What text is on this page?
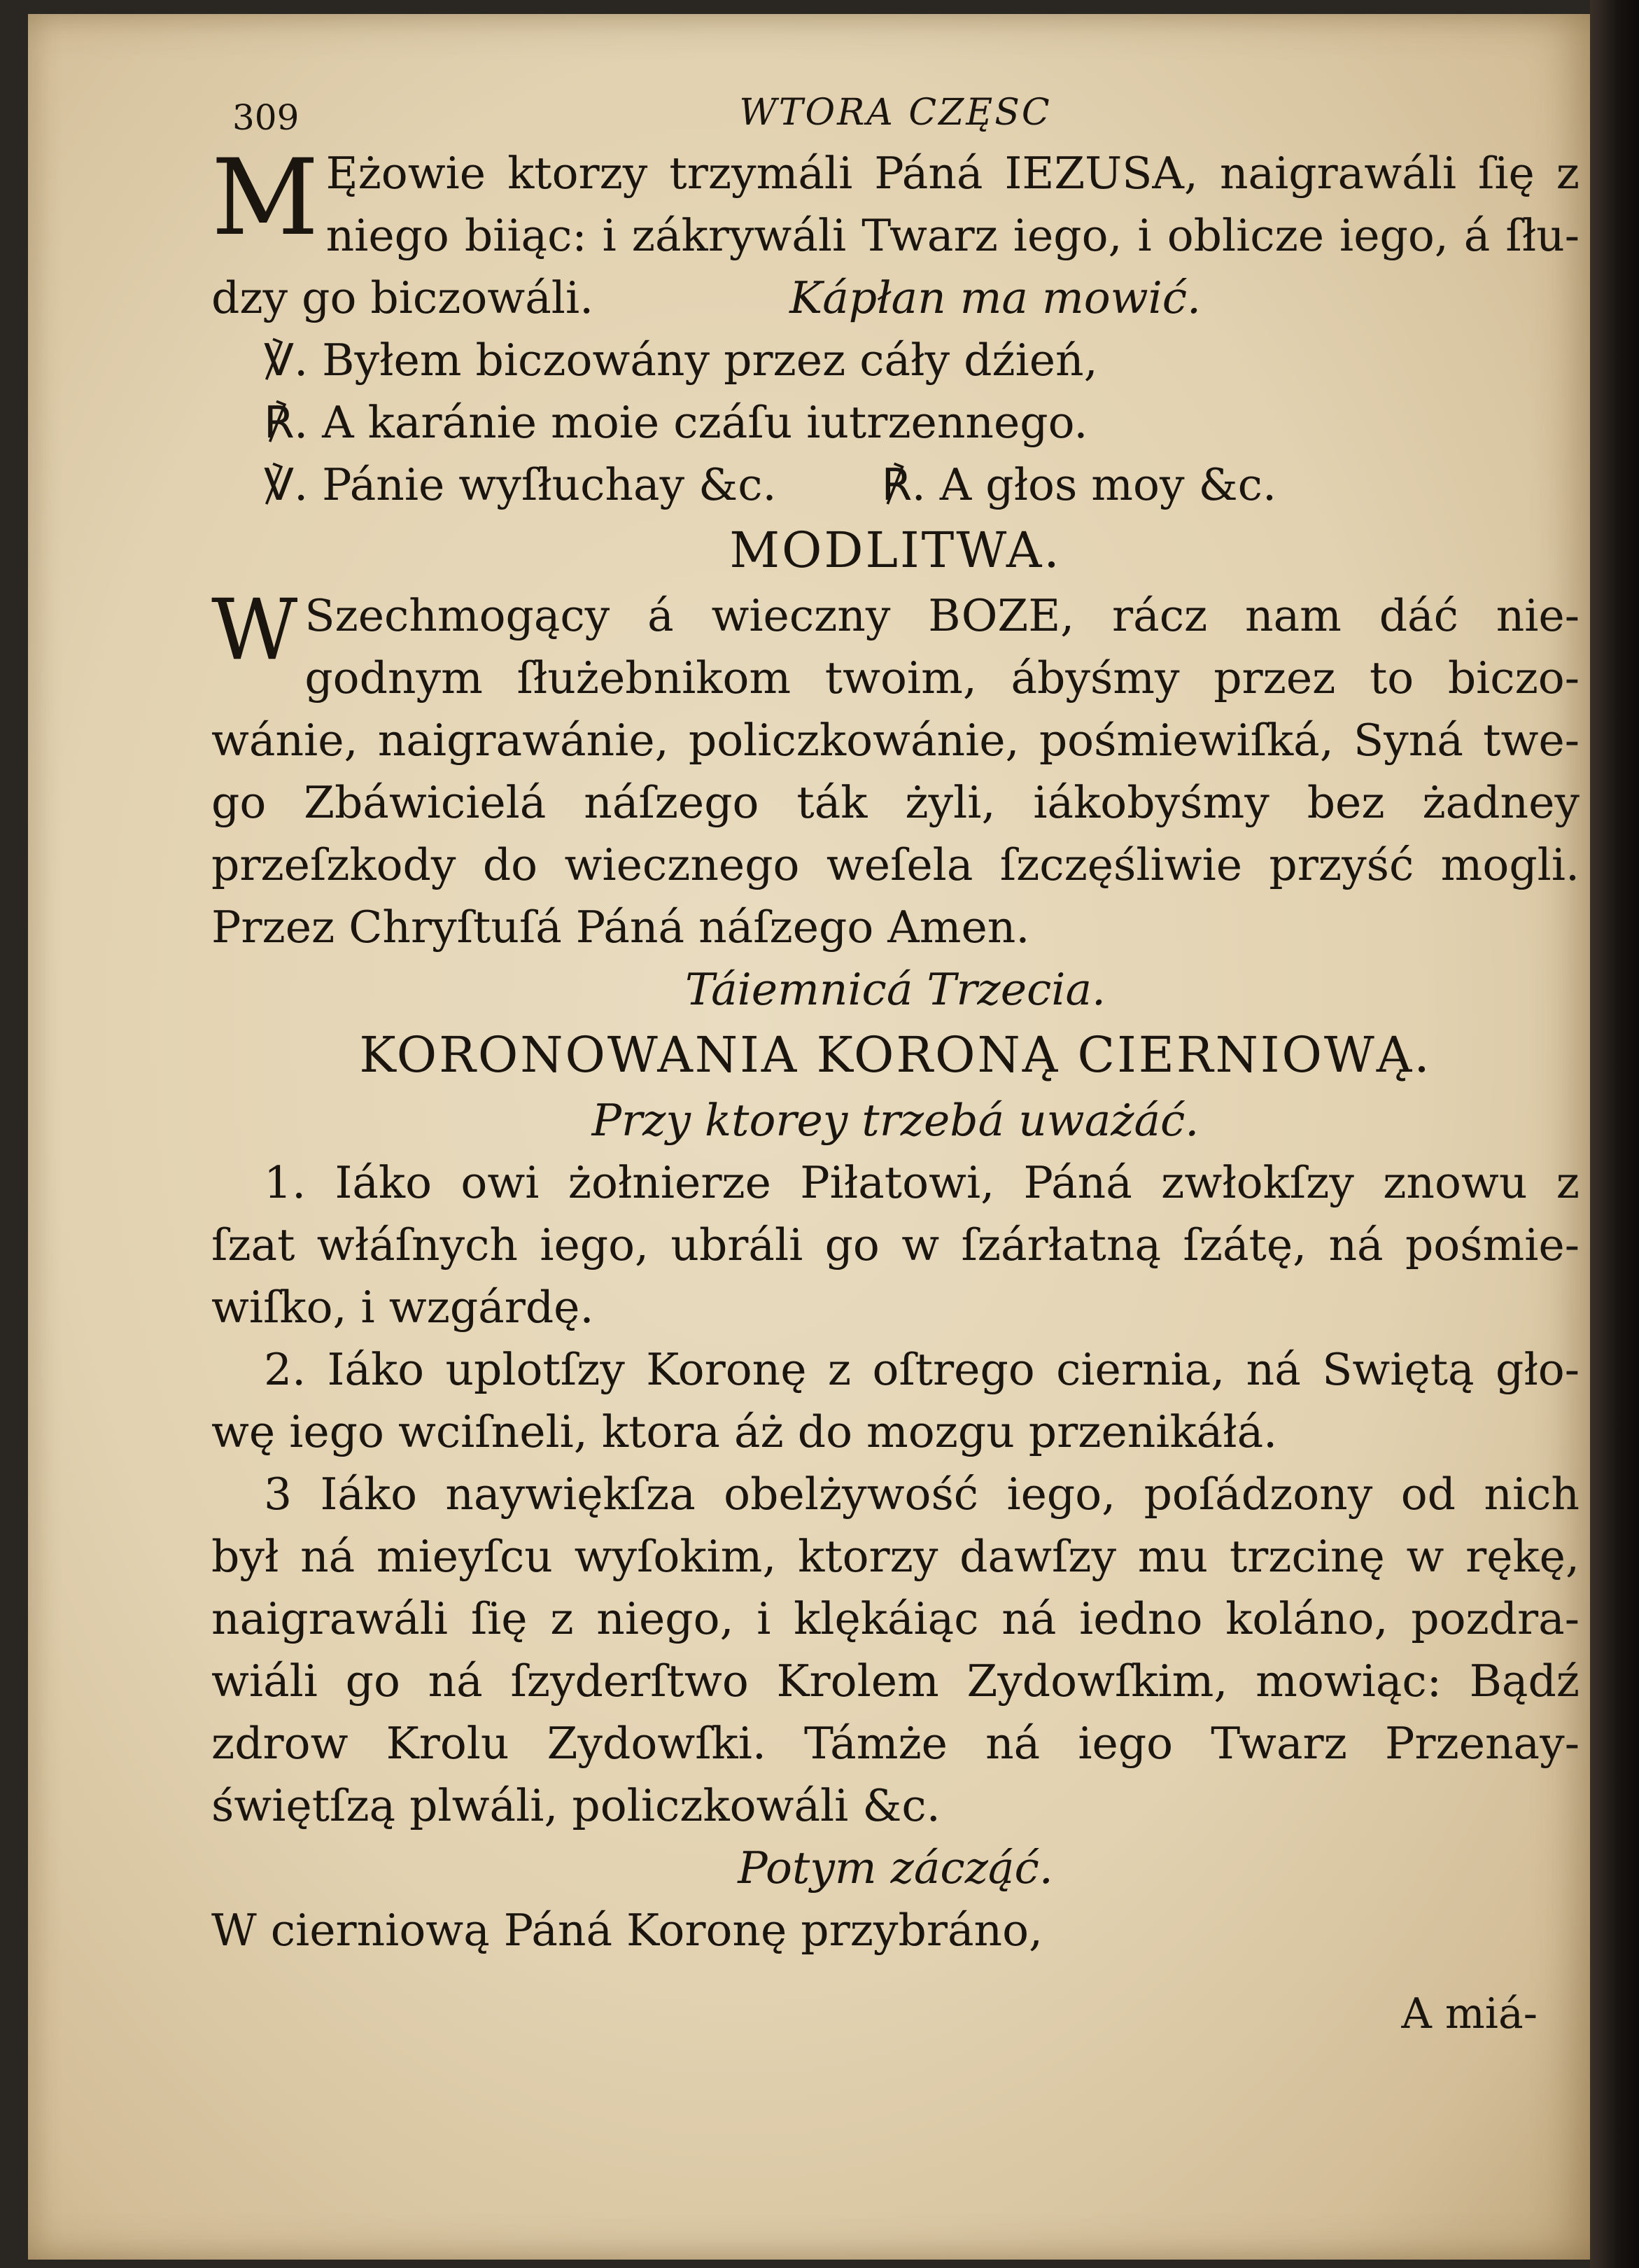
309	WTORA CZĘSC
M Ężowie ktorzy trzymáli Páná IEZUSA, naigrawáli ſię z
niego biiąc: i zákrywáli Twarz iego, i oblicze iego, á ſłu-
dzy go biczowáli.	Kápłan ma mowić.
℣. Byłem biczowány przez cáły dźień,
℟. A karánie moie czáſu iutrzennego.
℣. Pánie wyſłuchay &c. ℟. A głos moy &c.
MODLITWA.
W Szechmogący á wieczny BOZE, rácz nam dáć nie-
godnym ſłużebnikom twoim, ábyśmy przez to biczo-
wánie, naigrawánie, policzkowánie, pośmiewiſká, Syná twe-
go Zbáwicielá náſzego ták żyli, iákobyśmy bez żadney
przeſzkody do wiecznego weſela ſzczęśliwie przyść mogli.
Przez Chryſtuſá Páná náſzego Amen.
Táiemnicá Trzecia.
KORONOWANIA KORONĄ CIERNIOWĄ.
Przy ktorey trzebá uważáć.
1. Iáko owi żołnierze Piłatowi, Páná zwłokſzy znowu z
ſzat włáſnych iego, ubráli go w ſzárłatną ſzátę, ná pośmie-
wiſko, i wzgárdę.
2. Iáko uplotſzy Koronę z oſtrego ciernia, ná Swiętą gło-
wę iego wciſneli, ktora áż do mozgu przenikáłá.
3 Iáko naywiękſza obelżywość iego, poſádzony od nich
był ná mieyſcu wyſokim, ktorzy dawſzy mu trzcinę w rękę,
naigrawáli ſię z niego, i klękáiąc ná iedno koláno, pozdra-
wiáli go ná ſzyderſtwo Krolem Zydowſkim, mowiąc: Bądź
zdrow Krolu Zydowſki. Támże ná iego Twarz Przenay-
świętſzą plwáli, policzkowáli &c.
Potym záczą́ć.
W cierniową Páná Koronę przybráno,
A miá-
